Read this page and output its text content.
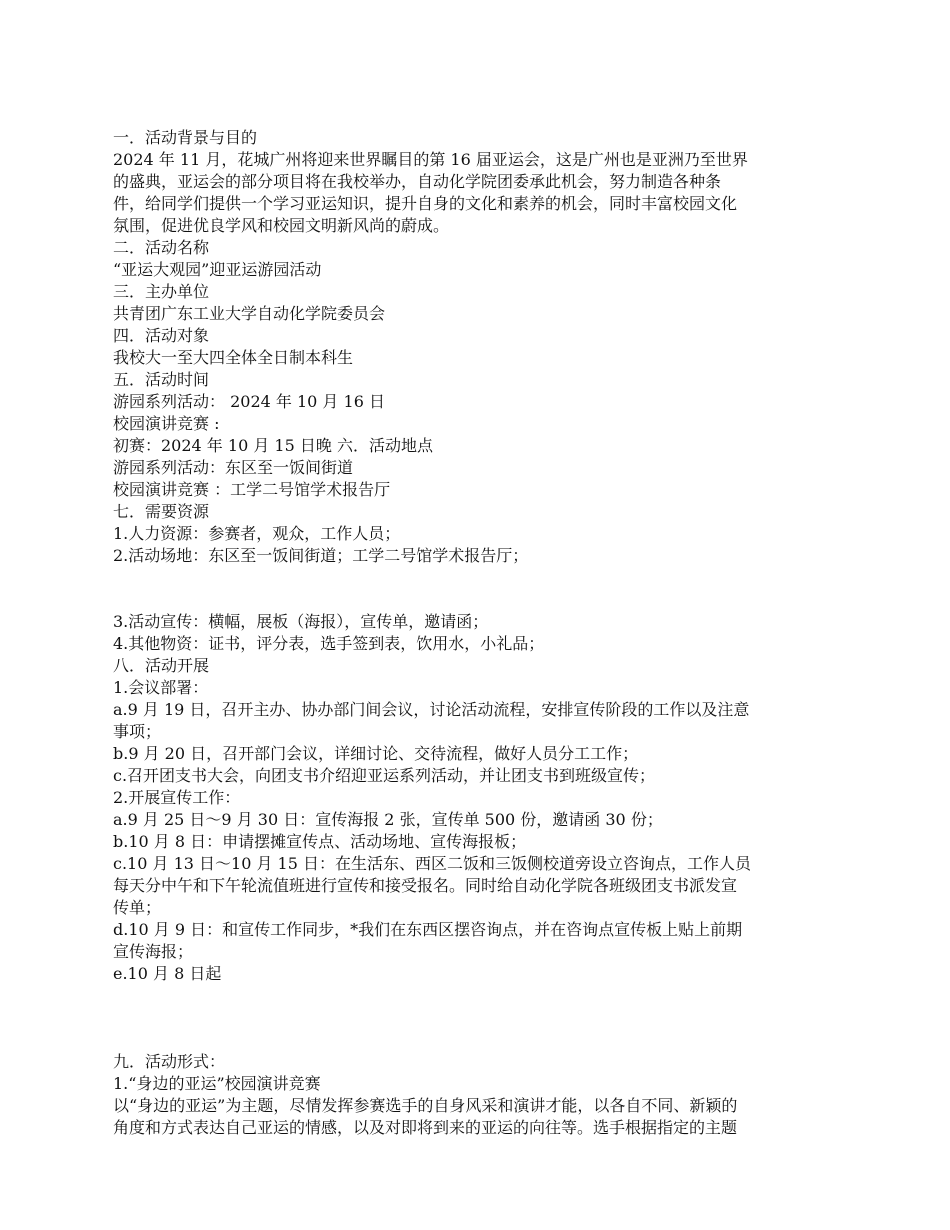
一．活动背景与目的
2024 年 11 月，花城广州将迎来世界瞩目的第 16 届亚运会，这是广州也是亚洲乃至世界
的盛典，亚运会的部分项目将在我校举办，自动化学院团委承此机会，努力制造各种条
件，给同学们提供一个学习亚运知识，提升自身的文化和素养的机会，同时丰富校园文化
氛围，促进优良学风和校园文明新风尚的蔚成。
二．活动名称
“亚运大观园”迎亚运游园活动
三．主办单位
共青团广东工业大学自动化学院委员会
四．活动对象
我校大一至大四全体全日制本科生
五．活动时间
游园系列活动： 2024 年 10 月 16 日
校园演讲竞赛 :
初赛：2024 年 10 月 15 日晚 六．活动地点
游园系列活动：东区至一饭间街道
校园演讲竞赛 ：工学二号馆学术报告厅
七．需要资源
1.人力资源：参赛者，观众，工作人员；
2.活动场地：东区至一饭间街道；工学二号馆学术报告厅；
3.活动宣传：横幅，展板（海报），宣传单，邀请函；
4.其他物资：证书，评分表，选手签到表，饮用水，小礼品；
八．活动开展
1.会议部署：
a.9 月 19 日，召开主办、协办部门间会议，讨论活动流程，安排宣传阶段的工作以及注意
事项；
b.9 月 20 日，召开部门会议，详细讨论、交待流程，做好人员分工工作；
c.召开团支书大会，向团支书介绍迎亚运系列活动，并让团支书到班级宣传；
2.开展宣传工作：
a.9 月 25 日～9 月 30 日：宣传海报 2 张，宣传单 500 份，邀请函 30 份；
b.10 月 8 日：申请摆摊宣传点、活动场地、宣传海报板；
c.10 月 13 日～10 月 15 日：在生活东、西区二饭和三饭侧校道旁设立咨询点，工作人员
每天分中午和下午轮流值班进行宣传和接受报名。同时给自动化学院各班级团支书派发宣
传单；
d.10 月 9 日：和宣传工作同步，*我们在东西区摆咨询点，并在咨询点宣传板上贴上前期
宣传海报；
e.10 月 8 日起
九．活动形式：
1.“身边的亚运”校园演讲竞赛
以“身边的亚运”为主题，尽情发挥参赛选手的自身风采和演讲才能，以各自不同、新颖的
角度和方式表达自己亚运的情感，以及对即将到来的亚运的向往等。选手根据指定的主题
